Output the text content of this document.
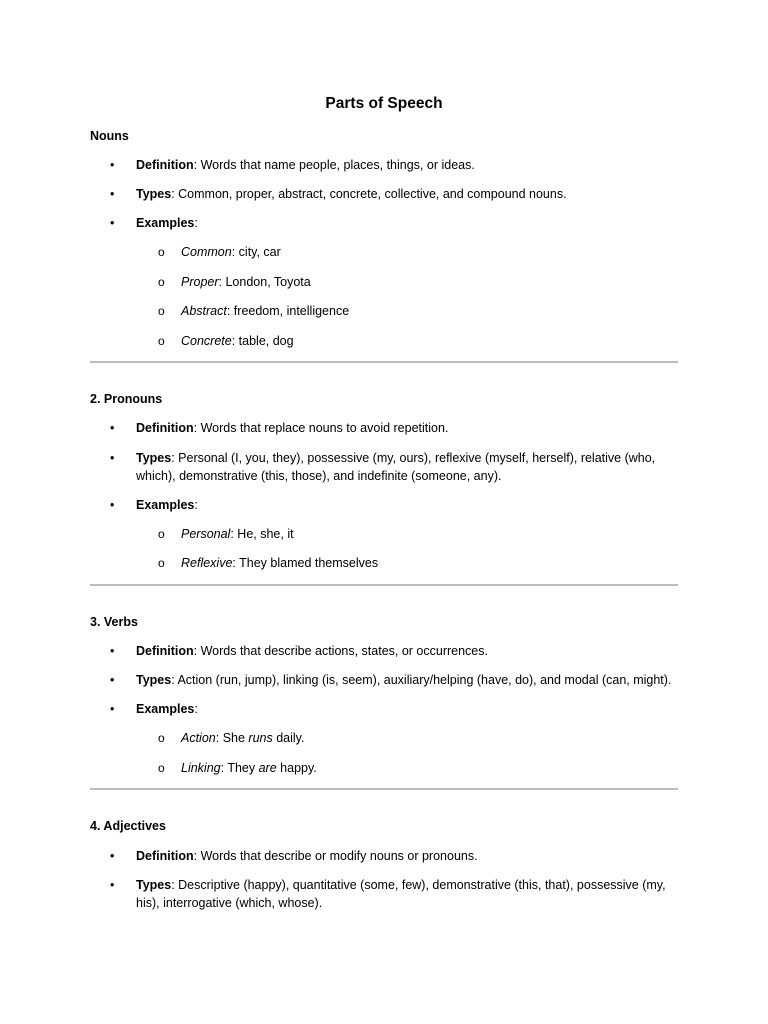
Parts of Speech
Nouns
• Definition: Words that name people, places, things, or ideas.
• Types: Common, proper, abstract, concrete, collective, and compound nouns.
• Examples:
o Common: city, car
o Proper: London, Toyota
o Abstract: freedom, intelligence
o Concrete: table, dog
2. Pronouns
• Definition: Words that replace nouns to avoid repetition.
• Types: Personal (I, you, they), possessive (my, ours), reflexive (myself, herself), relative (who, which), demonstrative (this, those), and indefinite (someone, any).
• Examples:
o Personal: He, she, it
o Reflexive: They blamed themselves
3. Verbs
• Definition: Words that describe actions, states, or occurrences.
• Types: Action (run, jump), linking (is, seem), auxiliary/helping (have, do), and modal (can, might).
• Examples:
o Action: She runs daily.
o Linking: They are happy.
4. Adjectives
• Definition: Words that describe or modify nouns or pronouns.
• Types: Descriptive (happy), quantitative (some, few), demonstrative (this, that), possessive (my, his), interrogative (which, whose).
